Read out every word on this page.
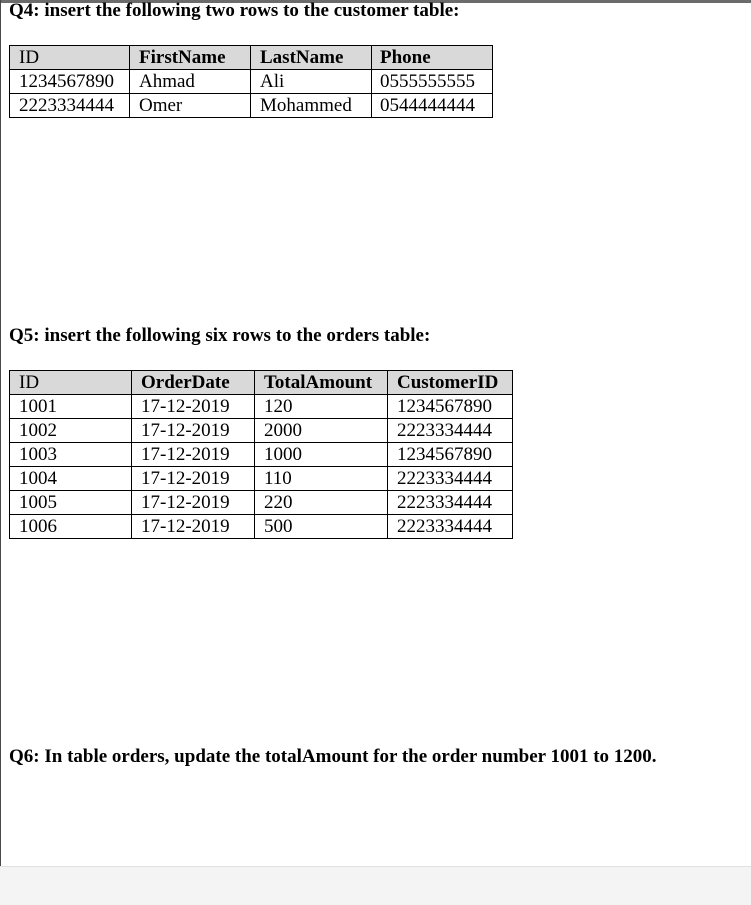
Q4: insert the following two rows to the customer table:
ID	FirstName	LastName	Phone
1234567890	Ahmad	Ali	0555555555
2223334444	Omer	Mohammed	0544444444
Q5: insert the following six rows to the orders table:
ID	OrderDate	TotalAmount	CustomerID
1001	17-12-2019	120	1234567890
1002	17-12-2019	2000	2223334444
1003	17-12-2019	1000	1234567890
1004	17-12-2019	110	2223334444
1005	17-12-2019	220	2223334444
1006	17-12-2019	500	2223334444
Q6: In table orders, update the totalAmount for the order number 1001 to 1200.
